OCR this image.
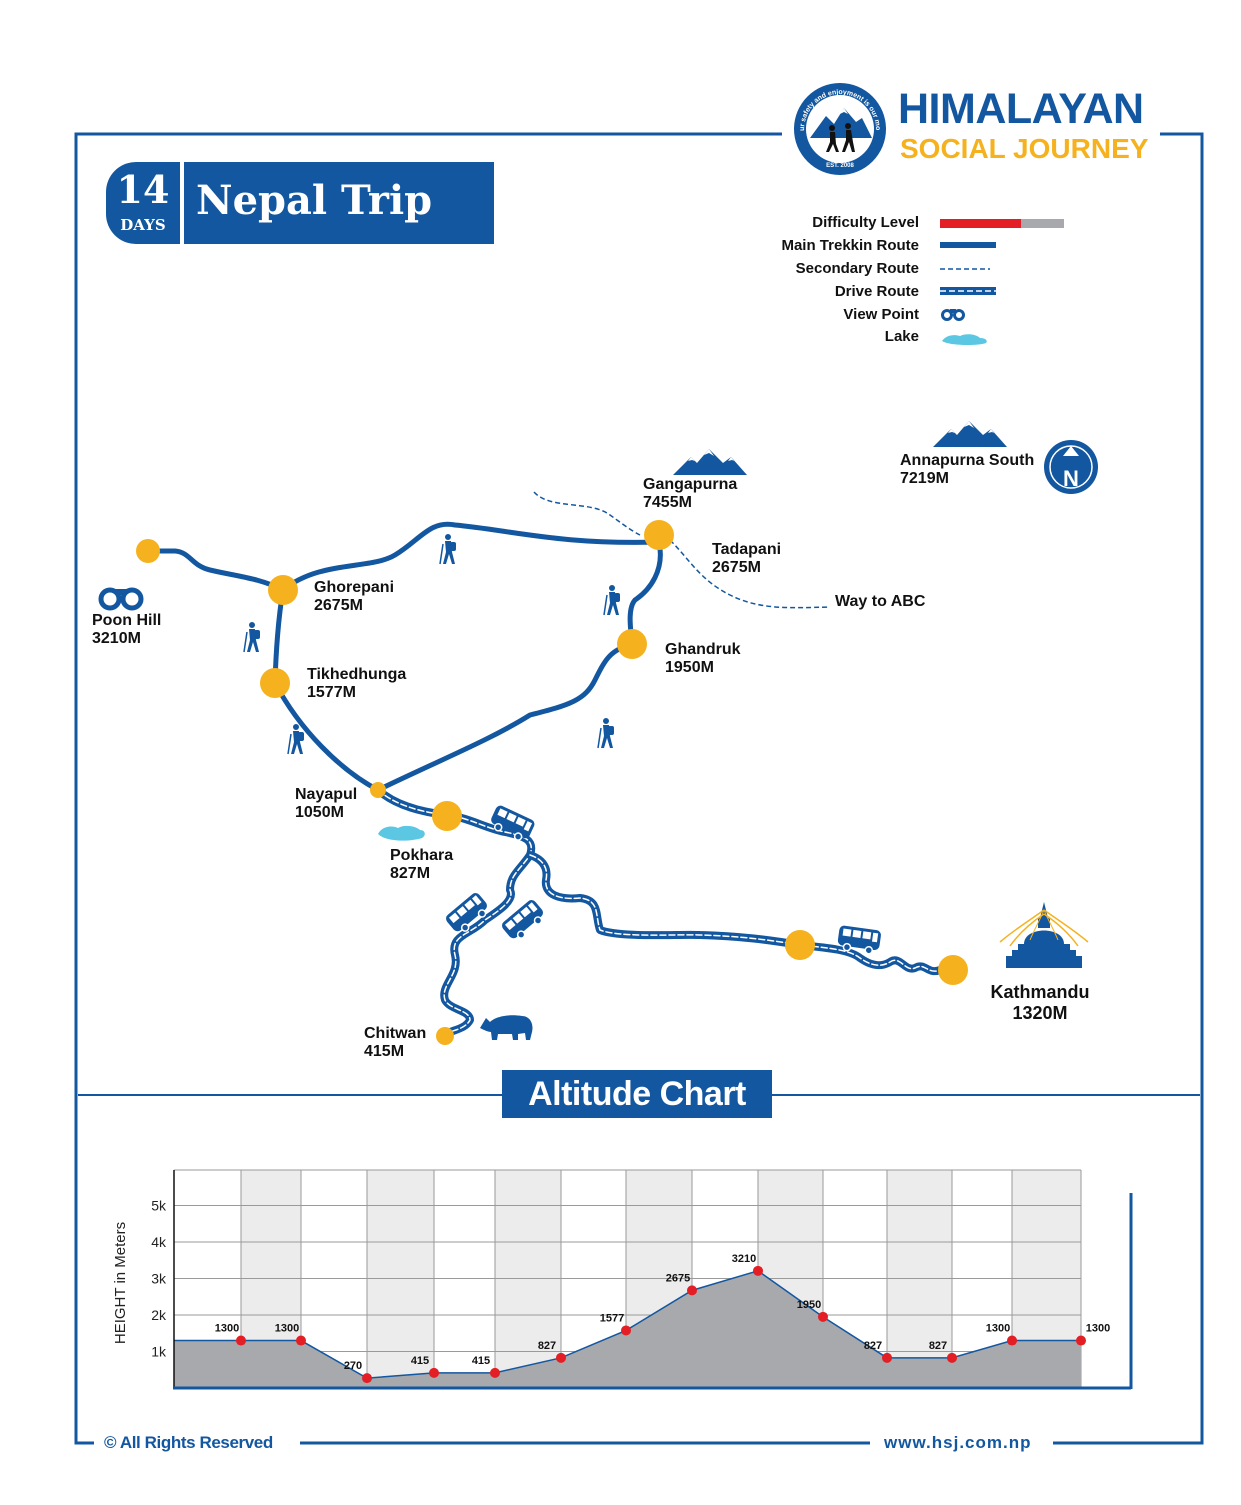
ur safety and enjoyment is our mo
EST. 2008
HIMALAYAN
SOCIAL JOURNEY
14
DAYS
Nepal Trip	Difficulty Level
Main Trekkin Route
Secondary Route
Drive Route
View Point
Lake
N
Annapurna South
7219M
Gangapurna
7455M
Tadapani
2675M
Way to ABC
Ghorepani
2675M
Poon Hill
3210M
Ghandruk
1950M
Tikhedhunga
1577M
Nayapul
1050M
Pokhara
827M
Chitwan
415M
Kathmandu
1320M
Altitude Chart
HEIGHT in Meters
1k
2k
3k
4k
5k
1300	1300
270	415	415
827
1577
2675
3210
1950
827	827
1300	1300
© All Rights Reserved	www.hsj.com.np
